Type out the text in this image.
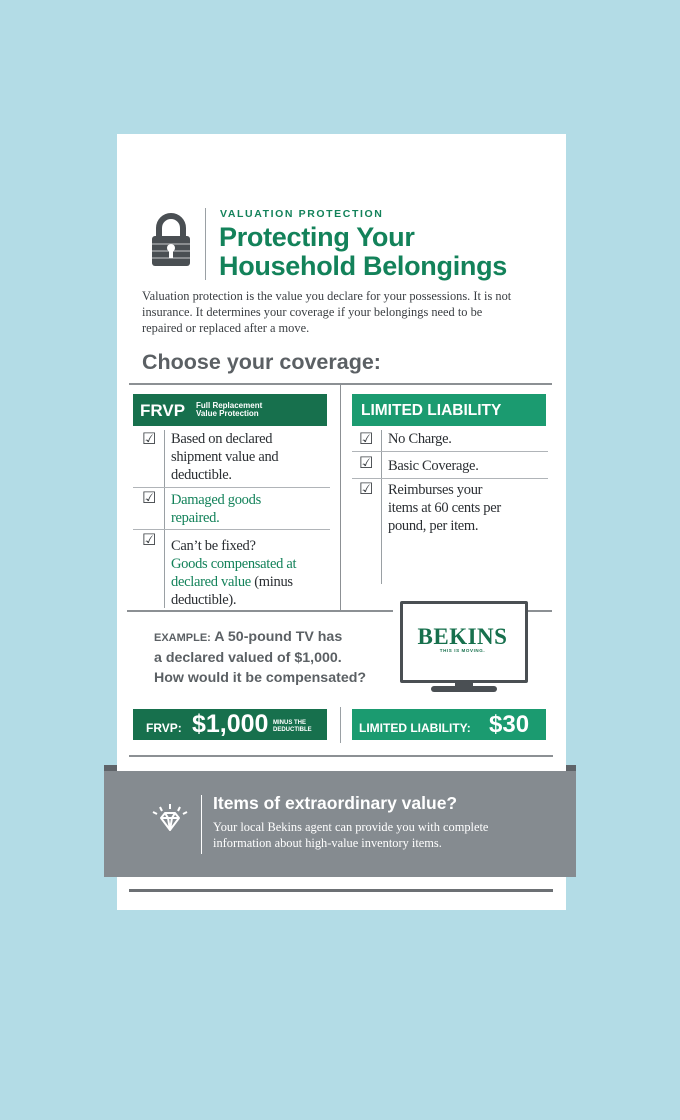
VALUATION PROTECTION
Protecting Your
Household Belongings
Valuation protection is the value you declare for your possessions. It is not
insurance. It determines your coverage if your belongings need to be
repaired or replaced after a move.
Choose your coverage:
FRVP Full Replacement
Value Protection
☑ Based on declared
shipment value and
deductible.
☑ Damaged goods
repaired.
☑ Can’t be fixed?
Goods compensated at
declared value (minus
deductible).
LIMITED LIABILITY
☑ No Charge.
☑ Basic Coverage.
☑ Reimburses your
items at 60 cents per
pound, per item.
EXAMPLE: A 50-pound TV has
a declared valued of $1,000.
How would it be compensated?
BEKINS
THIS IS MOVING.
FRVP: $1,000 MINUS THE
DEDUCTIBLE	LIMITED LIABILITY: $30
Items of extraordinary value?
Your local Bekins agent can provide you with complete
information about high-value inventory items.
